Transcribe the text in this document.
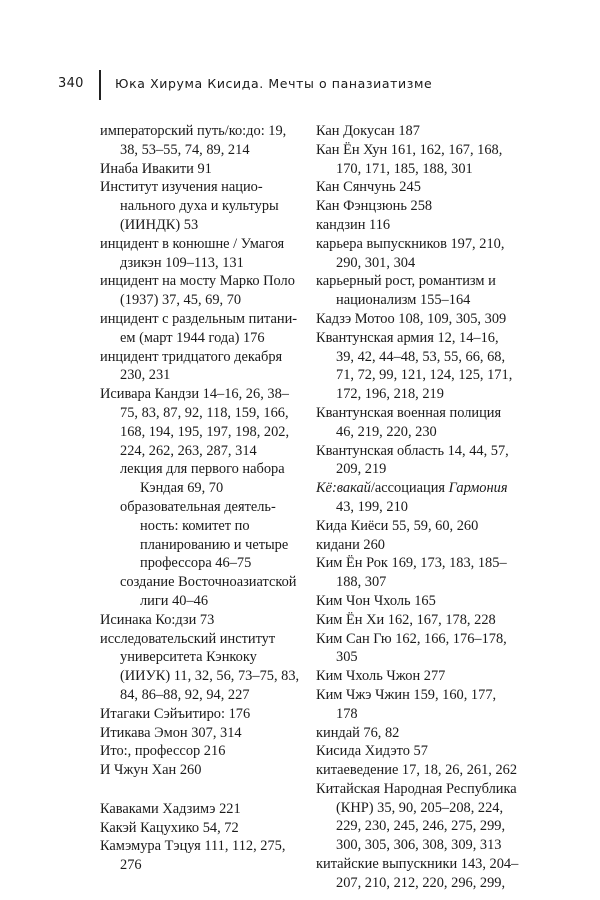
340	Юка Хирума Кисида. Мечты о паназиатизме
императорский путь/ко:до: 19, 38, 53–55, 74, 89, 214
Инаба Ивакити 91
Институт изучения национального духа и культуры (ИИНДК) 53
инцидент в конюшне / Умагоя дзикэн 109–113, 131
инцидент на мосту Марко Поло (1937) 37, 45, 69, 70
инцидент с раздельным питанием (март 1944 года) 176
инцидент тридцатого декабря 230, 231
Исивара Кандзи 14–16, 26, 38–75, 83, 87, 92, 118, 159, 166, 168, 194, 195, 197, 198, 202, 224, 262, 263, 287, 314
лекция для первого набора Кэндая 69, 70
образовательная деятельность: комитет по планированию и четыре профессора 46–75
создание Восточноазиатской лиги 40–46
Исинака Ко:дзи 73
исследовательский институт университета Кэнкоку (ИИУК) 11, 32, 56, 73–75, 83, 84, 86–88, 92, 94, 227
Итагаки Сэйъитиро: 176
Итикава Эмон 307, 314
Ито:, профессор 216
И Чжун Хан 260
Каваками Хадзимэ 221
Какэй Кацухико 54, 72
Камэмура Тэцуя 111, 112, 275, 276
Кан Докусан 187
Кан Ён Хун 161, 162, 167, 168, 170, 171, 185, 188, 301
Кан Сянчунь 245
Кан Фэнцзюнь 258
кандзин 116
карьера выпускников 197, 210, 290, 301, 304
карьерный рост, романтизм и национализм 155–164
Кадзэ Мотоо 108, 109, 305, 309
Квантунская армия 12, 14–16, 39, 42, 44–48, 53, 55, 66, 68, 71, 72, 99, 121, 124, 125, 171, 172, 196, 218, 219
Квантунская военная полиция 46, 219, 220, 230
Квантунская область 14, 44, 57, 209, 219
Кё:вакай/ассоциация Гармония 43, 199, 210
Кида Киёси 55, 59, 60, 260
кидани 260
Ким Ён Рок 169, 173, 183, 185–188, 307
Ким Чон Чхоль 165
Ким Ён Хи 162, 167, 178, 228
Ким Сан Гю 162, 166, 176–178, 305
Ким Чхоль Чжон 277
Ким Чжэ Чжин 159, 160, 177, 178
киндай 76, 82
Кисида Хидэто 57
китаеведение 17, 18, 26, 261, 262
Китайская Народная Республика (КНР) 35, 90, 205–208, 224, 229, 230, 245, 246, 275, 299, 300, 305, 306, 308, 309, 313
китайские выпускники 143, 204–207, 210, 212, 220, 296, 299,
